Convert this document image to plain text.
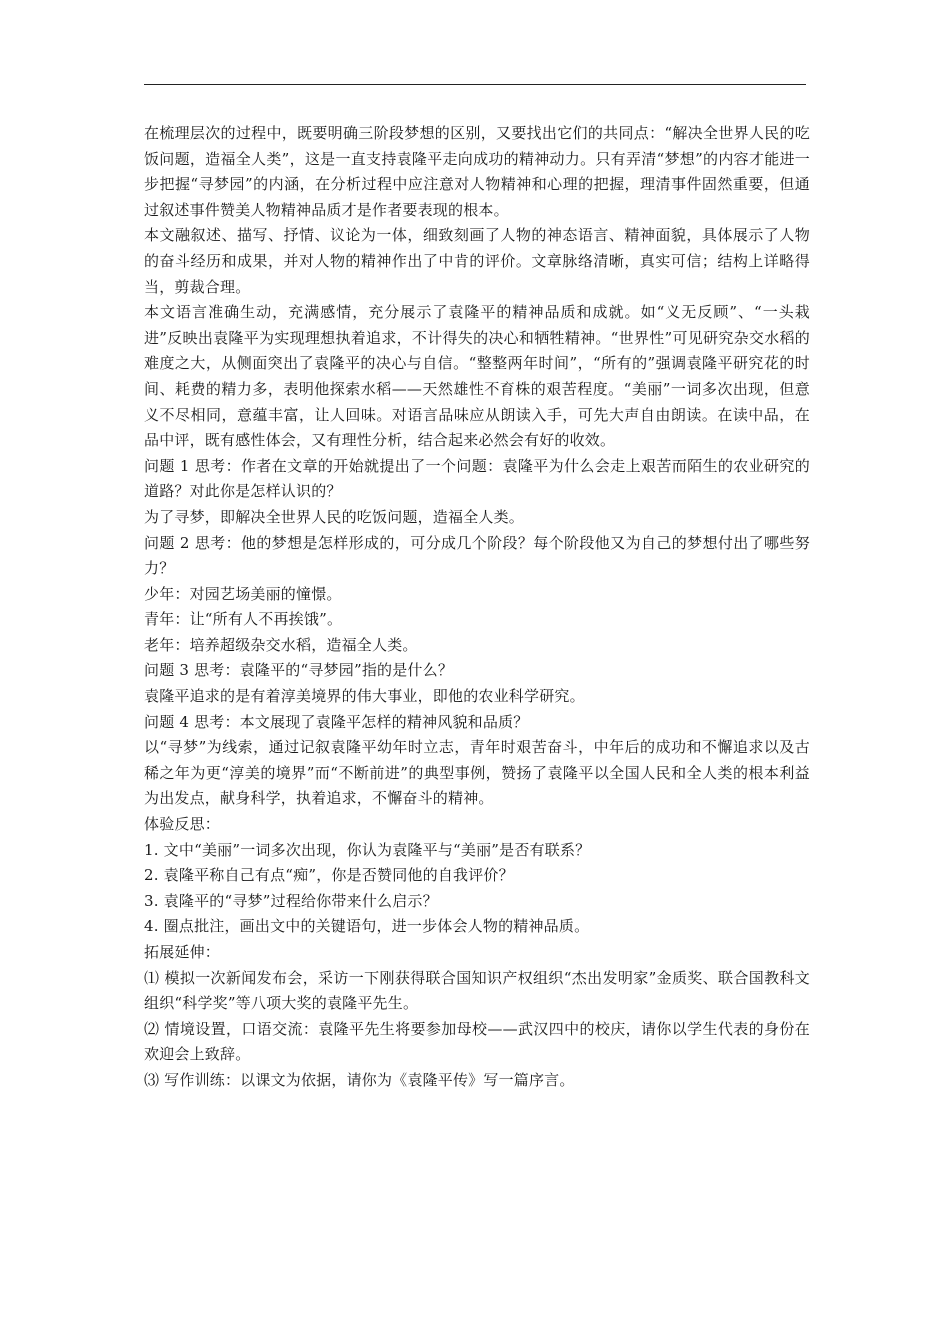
在梳理层次的过程中，既要明确三阶段梦想的区别，又要找出它们的共同点：“解决全世界人民的吃饭问题，造福全人类”，这是一直支持袁隆平走向成功的精神动力。只有弄清“梦想”的内容才能进一步把握“寻梦园”的内涵，在分析过程中应注意对人物精神和心理的把握，理清事件固然重要，但通过叙述事件赞美人物精神品质才是作者要表现的根本。

本文融叙述、描写、抒情、议论为一体，细致刻画了人物的神态语言、精神面貌，具体展示了人物的奋斗经历和成果，并对人物的精神作出了中肯的评价。文章脉络清晰，真实可信；结构上详略得当，剪裁合理。

本文语言准确生动，充满感情，充分展示了袁隆平的精神品质和成就。如“义无反顾”、“一头栽进”反映出袁隆平为实现理想执着追求，不计得失的决心和牺牲精神。“世界性”可见研究杂交水稻的难度之大，从侧面突出了袁隆平的决心与自信。“整整两年时间”，“所有的”强调袁隆平研究花的时间、耗费的精力多，表明他探索水稻——天然雄性不育株的艰苦程度。“美丽”一词多次出现，但意义不尽相同，意蕴丰富，让人回味。对语言品味应从朗读入手，可先大声自由朗读。在读中品，在品中评，既有感性体会，又有理性分析，结合起来必然会有好的收效。

问题 1 思考：作者在文章的开始就提出了一个问题：袁隆平为什么会走上艰苦而陌生的农业研究的道路？对此你是怎样认识的？

为了寻梦，即解决全世界人民的吃饭问题，造福全人类。

问题 2 思考：他的梦想是怎样形成的，可分成几个阶段？每个阶段他又为自己的梦想付出了哪些努力？

少年：对园艺场美丽的憧憬。

青年：让“所有人不再挨饿”。

老年：培养超级杂交水稻，造福全人类。

问题 3 思考：袁隆平的“寻梦园”指的是什么？

袁隆平追求的是有着淳美境界的伟大事业，即他的农业科学研究。

问题 4 思考：本文展现了袁隆平怎样的精神风貌和品质？

以“寻梦”为线索，通过记叙袁隆平幼年时立志，青年时艰苦奋斗，中年后的成功和不懈追求以及古稀之年为更“淳美的境界”而“不断前进”的典型事例，赞扬了袁隆平以全国人民和全人类的根本利益为出发点，献身科学，执着追求，不懈奋斗的精神。

体验反思：

1. 文中“美丽”一词多次出现，你认为袁隆平与“美丽”是否有联系？

2. 袁隆平称自己有点“痴”，你是否赞同他的自我评价？

3. 袁隆平的“寻梦”过程给你带来什么启示？

4. 圈点批注，画出文中的关键语句，进一步体会人物的精神品质。

拓展延伸：

⑴ 模拟一次新闻发布会，采访一下刚获得联合国知识产权组织“杰出发明家”金质奖、联合国教科文组织“科学奖”等八项大奖的袁隆平先生。

⑵ 情境设置，口语交流：袁隆平先生将要参加母校——武汉四中的校庆，请你以学生代表的身份在欢迎会上致辞。

⑶ 写作训练：以课文为依据，请你为《袁隆平传》写一篇序言。
